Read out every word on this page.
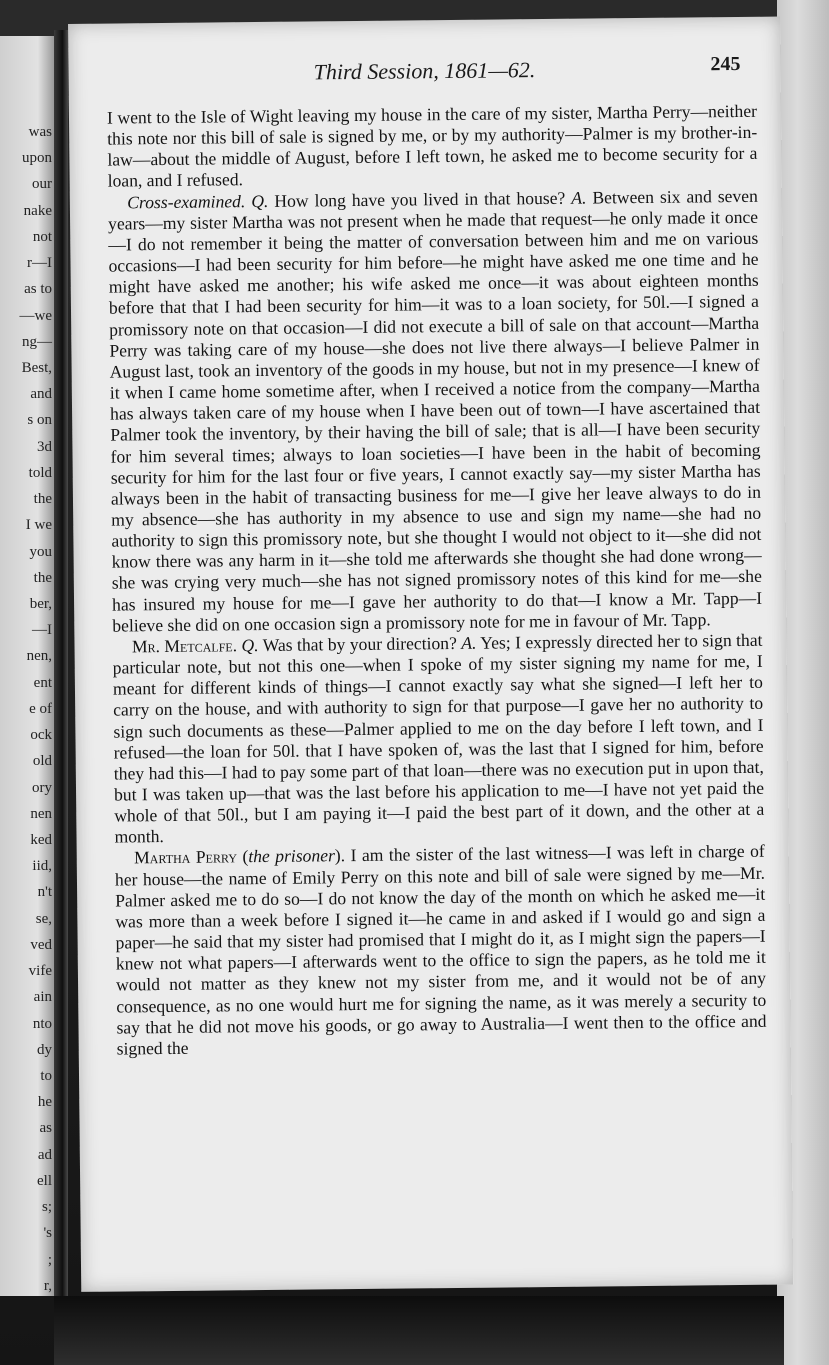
was
upon
our
nake
not
r—I
as to
—we
ng—
Best,
and
s on
3d
told
the
I we
you
the
ber,
—I
nen,
ent
e of
ock
old
ory
nen
ked
iid,
n't
se,
ved
vife
ain
nto
dy
to
he
as
ad
ell
s;
's
;
r,
Third Session, 1861—62.	245

I went to the Isle of Wight leaving my house in the care of my sister, Martha Perry—neither this note nor this bill of sale is signed by me, or by my authority—Palmer is my brother-in-law—about the middle of August, before I left town, he asked me to become security for a loan, and I refused.

Cross-examined. Q. How long have you lived in that house? A. Between six and seven years—my sister Martha was not present when he made that request—he only made it once—I do not remember it being the matter of conversation between him and me on various occasions—I had been security for him before—he might have asked me one time and he might have asked me another; his wife asked me once—it was about eighteen months before that that I had been security for him—it was to a loan society, for 50l.—I signed a promissory note on that occasion—I did not execute a bill of sale on that account—Martha Perry was taking care of my house—she does not live there always—I believe Palmer in August last, took an inventory of the goods in my house, but not in my presence—I knew of it when I came home sometime after, when I received a notice from the company—Martha has always taken care of my house when I have been out of town—I have ascertained that Palmer took the inventory, by their having the bill of sale; that is all—I have been security for him several times; always to loan societies—I have been in the habit of becoming security for him for the last four or five years, I cannot exactly say—my sister Martha has always been in the habit of transacting business for me—I give her leave always to do in my absence—she has authority in my absence to use and sign my name—she had no authority to sign this promissory note, but she thought I would not object to it—she did not know there was any harm in it—she told me afterwards she thought she had done wrong—she was crying very much—she has not signed promissory notes of this kind for me—she has insured my house for me—I gave her authority to do that—I know a Mr. Tapp—I believe she did on one occasion sign a promissory note for me in favour of Mr. Tapp.

Mr. Metcalfe. Q. Was that by your direction? A. Yes; I expressly directed her to sign that particular note, but not this one—when I spoke of my sister signing my name for me, I meant for different kinds of things—I cannot exactly say what she signed—I left her to carry on the house, and with authority to sign for that purpose—I gave her no authority to sign such documents as these—Palmer applied to me on the day before I left town, and I refused—the loan for 50l. that I have spoken of, was the last that I signed for him, before they had this—I had to pay some part of that loan—there was no execution put in upon that, but I was taken up—that was the last before his application to me—I have not yet paid the whole of that 50l., but I am paying it—I paid the best part of it down, and the other at a month.

Martha Perry (the prisoner). I am the sister of the last witness—I was left in charge of her house—the name of Emily Perry on this note and bill of sale were signed by me—Mr. Palmer asked me to do so—I do not know the day of the month on which he asked me—it was more than a week before I signed it—he came in and asked if I would go and sign a paper—he said that my sister had promised that I might do it, as I might sign the papers—I knew not what papers—I afterwards went to the office to sign the papers, as he told me it would not matter as they knew not my sister from me, and it would not be of any consequence, as no one would hurt me for signing the name, as it was merely a security to say that he did not move his goods, or go away to Australia—I went then to the office and signed the
